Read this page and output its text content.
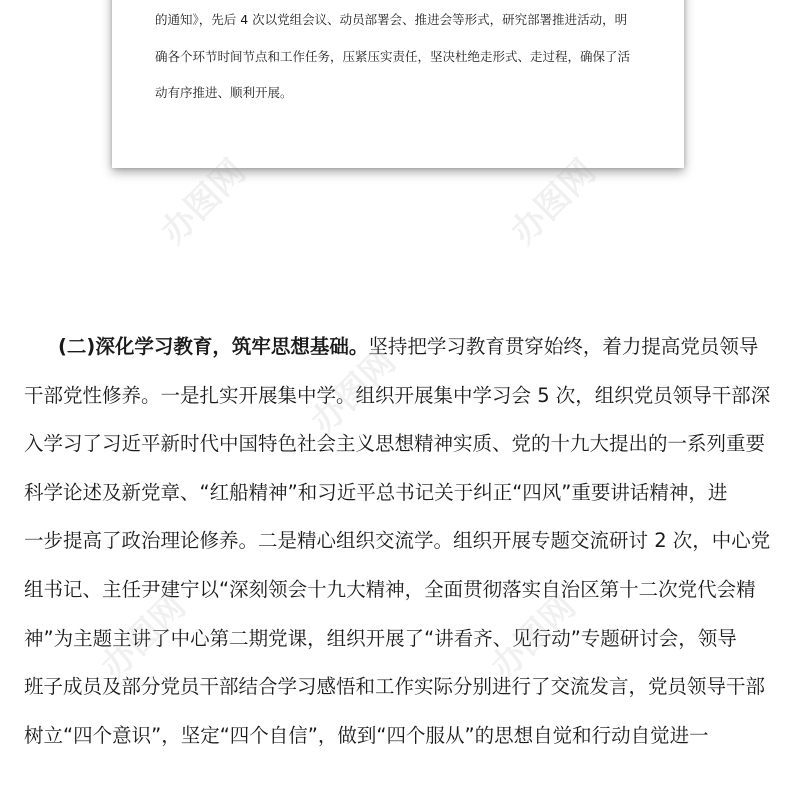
的通知》，先后 4 次以党组会议、动员部署会、推进会等形式，研究部署推进活动，明
确各个环节时间节点和工作任务，压紧压实责任，坚决杜绝走形式、走过程，确保了活
动有序推进、顺利开展。
(二)深化学习教育，筑牢思想基础。坚持把学习教育贯穿始终，着力提高党员领导
干部党性修养。一是扎实开展集中学。组织开展集中学习会 5 次，组织党员领导干部深
入学习了习近平新时代中国特色社会主义思想精神实质、党的十九大提出的一系列重要
科学论述及新党章、“红船精神”和习近平总书记关于纠正“四风”重要讲话精神，进
一步提高了政治理论修养。二是精心组织交流学。组织开展专题交流研讨 2 次，中心党
组书记、主任尹建宁以“深刻领会十九大精神，全面贯彻落实自治区第十二次党代会精
神”为主题主讲了中心第二期党课，组织开展了“讲看齐、见行动”专题研讨会，领导
班子成员及部分党员干部结合学习感悟和工作实际分别进行了交流发言，党员领导干部
树立“四个意识”，坚定“四个自信”，做到“四个服从”的思想自觉和行动自觉进一
办图网	办图网
办图网
办图网	办图网
